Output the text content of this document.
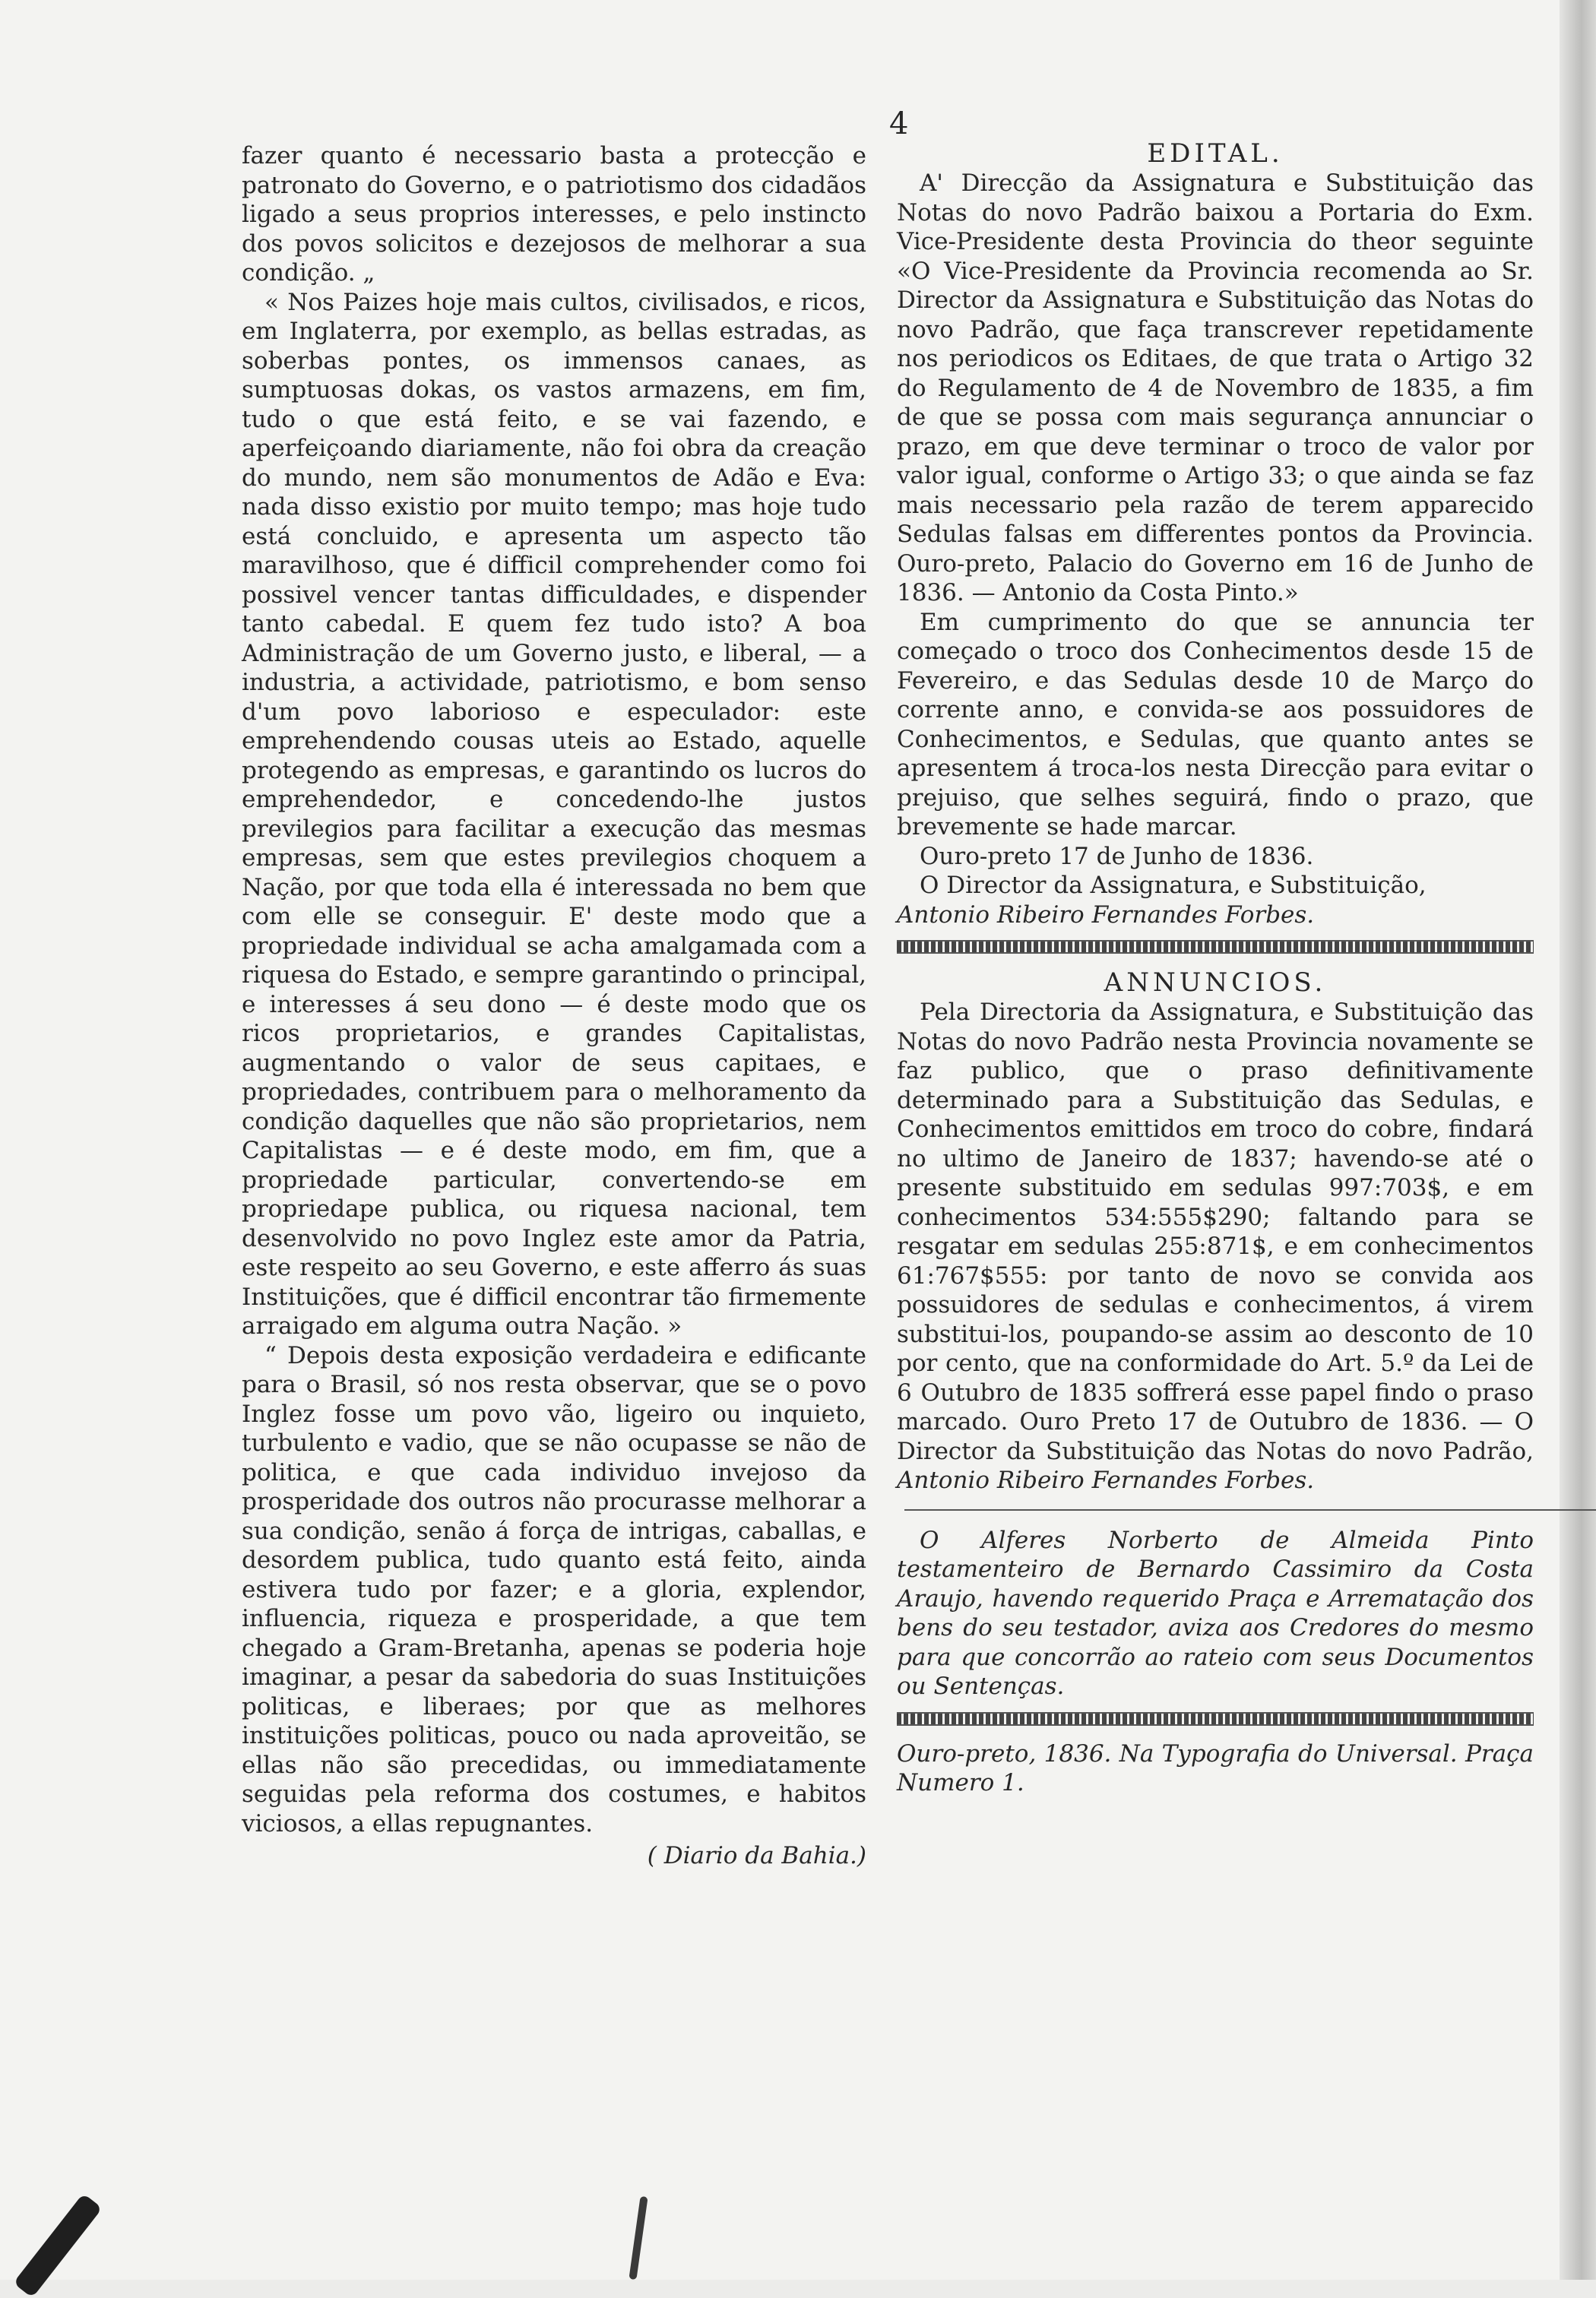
4

fazer quanto é necessario basta a protecção e patronato do Governo, e o patriotismo dos cidadãos ligado a seus proprios interesses, e pelo instincto dos povos solicitos e dezejosos de melhorar a sua condição. „

« Nos Paizes hoje mais cultos, civilisados, e ricos, em Inglaterra, por exemplo, as bellas estradas, as soberbas pontes, os immensos canaes, as sumptuosas dokas, os vastos armazens, em fim, tudo o que está feito, e se vai fazendo, e aperfeiçoando diariamente, não foi obra da creação do mundo, nem são monumentos de Adão e Eva: nada disso existio por muito tempo; mas hoje tudo está concluido, e apresenta um aspecto tão maravilhoso, que é difficil comprehender como foi possivel vencer tantas difficuldades, e dispender tanto cabedal. E quem fez tudo isto? A boa Administração de um Governo justo, e liberal, — a industria, a actividade, patriotismo, e bom senso d'um povo laborioso e especulador: este emprehendendo cousas uteis ao Estado, aquelle protegendo as empresas, e garantindo os lucros do emprehendedor, e concedendo-lhe justos previlegios para facilitar a execução das mesmas empresas, sem que estes previlegios choquem a Nação, por que toda ella é interessada no bem que com elle se conseguir. E' deste modo que a propriedade individual se acha amalgamada com a riquesa do Estado, e sempre garantindo o principal, e interesses á seu dono — é deste modo que os ricos proprietarios, e grandes Capitalistas, augmentando o valor de seus capitaes, e propriedades, contribuem para o melhoramento da condição daquelles que não são proprietarios, nem Capitalistas — e é deste modo, em fim, que a propriedade particular, convertendo-se em propriedape publica, ou riquesa nacional, tem desenvolvido no povo Inglez este amor da Patria, este respeito ao seu Governo, e este afferro ás suas Instituições, que é difficil encontrar tão firmemente arraigado em alguma outra Nação. »

“ Depois desta exposição verdadeira e edificante para o Brasil, só nos resta observar, que se o povo Inglez fosse um povo vão, ligeiro ou inquieto, turbulento e vadio, que se não ocupasse se não de politica, e que cada individuo invejoso da prosperidade dos outros não procurasse melhorar a sua condição, senão á força de intrigas, caballas, e desordem publica, tudo quanto está feito, ainda estivera tudo por fazer; e a gloria, explendor, influencia, riqueza e prosperidade, a que tem chegado a Gram-Bretanha, apenas se poderia hoje imaginar, a pesar da sabedoria do suas Instituições politicas, e liberaes; por que as melhores instituições politicas, pouco ou nada aproveitão, se ellas não são precedidas, ou immediatamente seguidas pela reforma dos costumes, e habitos viciosos, a ellas repugnantes.

( Diario da Bahia.)

EDITAL.

A' Direcção da Assignatura e Substituição das Notas do novo Padrão baixou a Portaria do Exm. Vice-Presidente desta Provincia do theor seguinte «O Vice-Presidente da Provincia recomenda ao Sr. Director da Assignatura e Substituição das Notas do novo Padrão, que faça transcrever repetidamente nos periodicos os Editaes, de que trata o Artigo 32 do Regulamento de 4 de Novembro de 1835, a fim de que se possa com mais segurança annunciar o prazo, em que deve terminar o troco de valor por valor igual, conforme o Artigo 33; o que ainda se faz mais necessario pela razão de terem apparecido Sedulas falsas em differentes pontos da Provincia. Ouro-preto, Palacio do Governo em 16 de Junho de 1836. — Antonio da Costa Pinto.»

Em cumprimento do que se annuncia ter começado o troco dos Conhecimentos desde 15 de Fevereiro, e das Sedulas desde 10 de Março do corrente anno, e convida-se aos possuidores de Conhecimentos, e Sedulas, que quanto antes se apresentem á troca-los nesta Direcção para evitar o prejuiso, que selhes seguirá, findo o prazo, que brevemente se hade marcar.

Ouro-preto 17 de Junho de 1836.

O Director da Assignatura, e Substituição,

Antonio Ribeiro Fernandes Forbes.

ANNUNCIOS.

Pela Directoria da Assignatura, e Substituição das Notas do novo Padrão nesta Provincia novamente se faz publico, que o praso definitivamente determinado para a Substituição das Sedulas, e Conhecimentos emittidos em troco do cobre, findará no ultimo de Janeiro de 1837; havendo-se até o presente substituido em sedulas 997:703$, e em conhecimentos 534:555$290; faltando para se resgatar em sedulas 255:871$, e em conhecimentos 61:767$555: por tanto de novo se convida aos possuidores de sedulas e conhecimentos, á virem substitui-los, poupando-se assim ao desconto de 10 por cento, que na conformidade do Art. 5.º da Lei de 6 Outubro de 1835 soffrerá esse papel findo o praso marcado. Ouro Preto 17 de Outubro de 1836. — O Director da Substituição das Notas do novo Padrão, Antonio Ribeiro Fernandes Forbes.

O Alferes Norberto de Almeida Pinto testamenteiro de Bernardo Cassimiro da Costa Araujo, havendo requerido Praça e Arrematação dos bens do seu testador, aviza aos Credores do mesmo para que concorrão ao rateio com seus Documentos ou Sentenças.

Ouro-preto, 1836. Na Typografia do Universal. Praça Numero 1.
